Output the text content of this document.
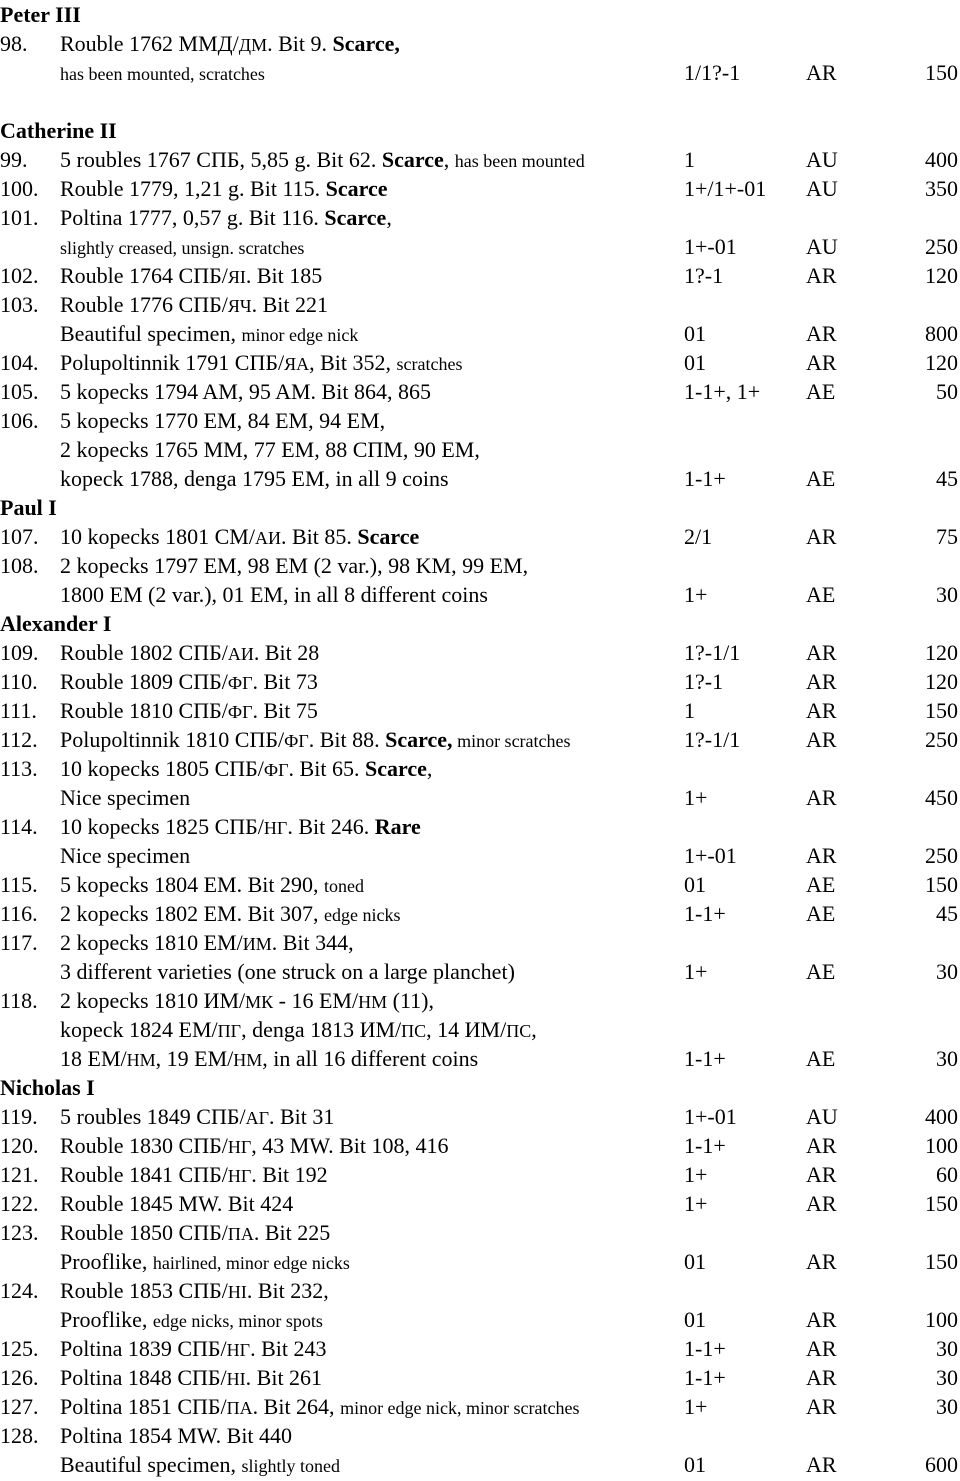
Peter III
98. Rouble 1762 ММД/ДМ. Bit 9. Scarce,
has been mounted, scratches	1/1?-1	AR	150
Catherine II
99. 5 roubles 1767 СПБ, 5,85 g. Bit 62. Scarce, has been mounted	1	AU	400
100. Rouble 1779, 1,21 g. Bit 115. Scarce	1+/1+-01 AU	350
101. Poltina 1777, 0,57 g. Bit 116. Scarce,
slightly creased, unsign. scratches	1+-01	AU	250
102. Rouble 1764 СПБ/ЯI. Bit 185	1?-1	AR	120
103. Rouble 1776 СПБ/ЯЧ. Bit 221
Beautiful specimen, minor edge nick	01	AR	800
104. Polupoltinnik 1791 СПБ/ЯА, Bit 352, scratches	01	AR	120
105. 5 kopecks 1794 AM, 95 AM. Bit 864, 865	1-1+, 1+ AE	50
106. 5 kopecks 1770 EM, 84 EM, 94 EM,
2 kopecks 1765 MM, 77 EM, 88 СПМ, 90 EM,
kopeck 1788, denga 1795 EM, in all 9 coins	1-1+	AE	45
Paul I
107. 10 kopecks 1801 CM/АИ. Bit 85. Scarce	2/1	AR	75
108. 2 kopecks 1797 EM, 98 EM (2 var.), 98 KM, 99 EM,
1800 EM (2 var.), 01 EM, in all 8 different coins	1+	AE	30
Alexander I
109. Rouble 1802 СПБ/АИ. Bit 28	1?-1/1	AR	120
110. Rouble 1809 СПБ/ФГ. Bit 73	1?-1	AR	120
111. Rouble 1810 СПБ/ФГ. Bit 75	1	AR	150
112. Polupoltinnik 1810 СПБ/ФГ. Bit 88. Scarce, minor scratches	1?-1/1	AR	250
113. 10 kopecks 1805 СПБ/ФГ. Bit 65. Scarce,
Nice specimen	1+	AR	450
114. 10 kopecks 1825 СПБ/НГ. Bit 246. Rare
Nice specimen	1+-01	AR	250
115. 5 kopecks 1804 EM. Bit 290, toned	01	AE	150
116. 2 kopecks 1802 EM. Bit 307, edge nicks	1-1+	AE	45
117. 2 kopecks 1810 EM/ИМ. Bit 344,
3 different varieties (one struck on a large planchet)	1+	AE	30
118. 2 kopecks 1810 ИМ/МК - 16 EM/НМ (11),
kopeck 1824 EM/ПГ, denga 1813 ИМ/ПС, 14 ИМ/ПС,
18 EM/НМ, 19 EM/НМ, in all 16 different coins	1-1+	AE	30
Nicholas I
119. 5 roubles 1849 СПБ/АГ. Bit 31	1+-01	AU	400
120. Rouble 1830 СПБ/НГ, 43 MW. Bit 108, 416	1-1+	AR	100
121. Rouble 1841 СПБ/НГ. Bit 192	1+	AR	60
122. Rouble 1845 MW. Bit 424	1+	AR	150
123. Rouble 1850 СПБ/ПА. Bit 225
Prooflike, hairlined, minor edge nicks	01	AR	150
124. Rouble 1853 СПБ/HI. Bit 232,
Prooflike, edge nicks, minor spots	01	AR	100
125. Poltina 1839 СПБ/НГ. Bit 243	1-1+	AR	30
126. Poltina 1848 СПБ/HI. Bit 261	1-1+	AR	30
127. Poltina 1851 СПБ/ПА. Bit 264, minor edge nick, minor scratches	1+	AR	30
128. Poltina 1854 MW. Bit 440
Beautiful specimen, slightly toned	01	AR	600
